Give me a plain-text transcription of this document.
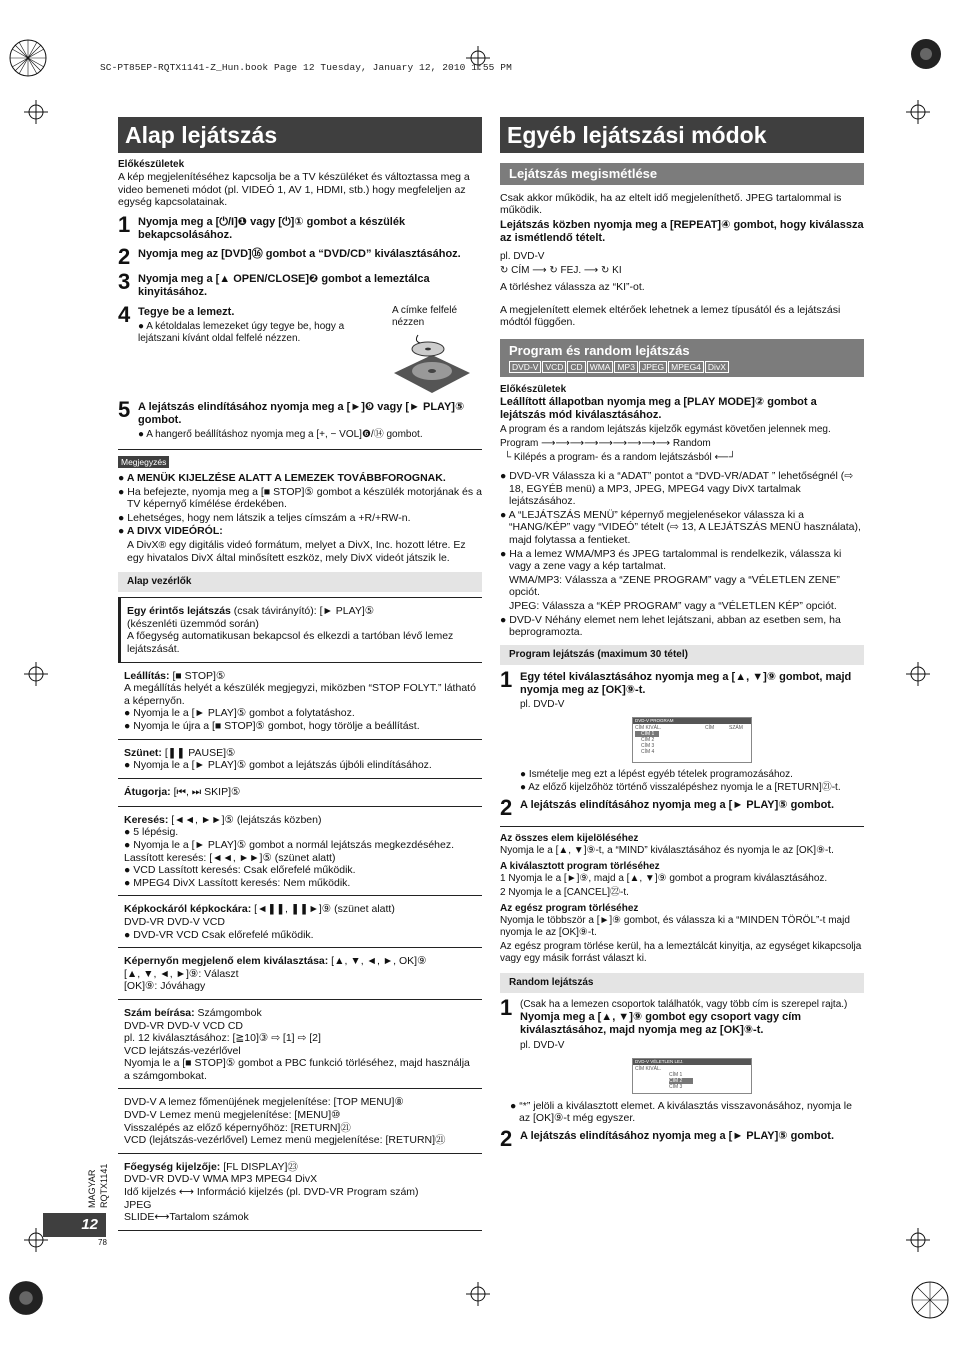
SC-PT85EP-RQTX1141-Z_Hun.book Page 12 Tuesday, January 12, 2010 1:55 PM
Alap lejátszás
Előkészületek
A kép megjelenítéséhez kapcsolja be a TV készüléket és változtassa meg a video bemeneti módot (pl. VIDEÓ 1, AV 1, HDMI, stb.) hogy megfeleljen az egység kapcsolatainak.
1 Nyomja meg a [⏻/I]❶ vagy [⏻]① gombot a készülék bekapcsolásához.
2 Nyomja meg az [DVD]⑯ gombot a “DVD/CD” kiválasztásához.
3 Nyomja meg a [▲ OPEN/CLOSE]❷ gombot a lemeztálca kinyitásához.
4 Tegye be a lemezt.
● A kétoldalas lemezeket úgy tegye be, hogy a lejátszani kívánt oldal felfelé nézzen.
A címke felfelé nézzen
5 A lejátszás elindításához nyomja meg a [►]❾ vagy [► PLAY]⑤ gombot.
● A hangerő beállításhoz nyomja meg a [+, − VOL]❻/⑭ gombot.
Megjegyzés
● A MENÜK KIJELZÉSE ALATT A LEMEZEK TOVÁBBFOROGNAK.
● Ha befejezte, nyomja meg a [■ STOP]⑤ gombot a készülék motorjának és a TV képernyő kímélése érdekében.
● Lehetséges, hogy nem látszik a teljes címszám a +R/+RW-n.
● A DIVX VIDEÓRÓL:
A DivX® egy digitális videó formátum, melyet a DivX, Inc. hozott létre. Ez egy hivatalos DivX által minősített eszköz, mely DivX videót játszik le.
Alap vezérlők
Egy érintős lejátszás (csak távirányító): [► PLAY]⑤
(készenléti üzemmód során)
A főegység automatikusan bekapcsol és elkezdi a tartóban lévő lemez lejátszását.
Leállítás: [■ STOP]⑤
A megállítás helyét a készülék megjegyzi, miközben “STOP FOLYT.” látható a képernyőn.
● Nyomja le a [► PLAY]⑤ gombot a folytatáshoz.
● Nyomja le újra a [■ STOP]⑤ gombot, hogy törölje a beállítást.
Szünet: [❚❚ PAUSE]⑤
● Nyomja le a [► PLAY]⑤ gombot a lejátszás újbóli elindításához.
Átugorja: [⏮, ⏭ SKIP]⑤
Keresés: [◄◄, ►►]⑤ (lejátszás közben)
● 5 lépésig.
● Nyomja le a [► PLAY]⑤ gombot a normál lejátszás megkezdéséhez.
Lassított keresés: [◄◄, ►►]⑤ (szünet alatt)
● VCD Lassított keresés: Csak előrefelé működik.
● MPEG4 DivX Lassított keresés: Nem működik.
Képkockáról képkockára: [◄❚❚, ❚❚►]⑨ (szünet alatt)
DVD-VR DVD-V VCD
● DVD-VR VCD Csak előrefelé működik.
Képernyőn megjelenő elem kiválasztása: [▲, ▼, ◄, ►, OK]⑨
[▲, ▼, ◄, ►]⑨: Választ
[OK]⑨: Jóváhagy
Szám beírása: Számgombok
DVD-VR DVD-V VCD CD
pl. 12 kiválasztásához: [≧10]③ ⇨ [1] ⇨ [2]
VCD lejátszás-vezérlővel
Nyomja le a [■ STOP]⑤ gombot a PBC funkció törléséhez, majd használja a számgombokat.
DVD-V A lemez főmenüjének megjelenítése: [TOP MENU]⑧
DVD-V Lemez menü megjelenítése: [MENU]⑩
Visszalépés az előző képernyőhöz: [RETURN]㉑
VCD (lejátszás-vezérlővel) Lemez menü megjelenítése: [RETURN]㉑
Főegység kijelzője: [FL DISPLAY]㉓
DVD-VR DVD-V WMA MP3 MPEG4 DivX
Idő kijelzés ⟷ Információ kijelzés (pl. DVD-VR Program szám)
JPEG
SLIDE⟷Tartalom számok
12
MAGYAR RQTX1141
78
Egyéb lejátszási módok
Lejátszás megismétlése
Csak akkor működik, ha az eltelt idő megjeleníthető. JPEG tartalommal is működik.
Lejátszás közben nyomja meg a [REPEAT]④ gombot, hogy kiválassza az ismétlendő tételt.
pl. DVD-V
↻ CÍM ⟶ ↻ FEJ. ⟶ ↻ KI
A törléshez válassza az “KI”-ot.
A megjelenített elemek eltérőek lehetnek a lemez típusától és a lejátszási módtól függően.
Program és random lejátszás
DVD-V VCD CD WMA MP3 JPEG MPEG4 DivX
Előkészületek
Leállított állapotban nyomja meg a [PLAY MODE]② gombot a lejátszás mód kiválasztásához.
A program és a random lejátszás kijelzők egymást követően jelennek meg.
Program ⟶⟶⟶⟶⟶⟶⟶⟶⟶ Random
└ Kilépés a program- és a random lejátszásból ⟵┘
● DVD-VR Válassza ki a “ADAT” pontot a “DVD-VR/ADAT ” lehetőségnél (⇨ 18, EGYÉB menü) a MP3, JPEG, MPEG4 vagy DivX tartalmak lejátszásához.
● A “LEJÁTSZÁS MENÜ” képernyő megjelenésekor válassza ki a “HANG/KÉP” vagy “VIDEÓ” tételt (⇨ 13, A LEJÁTSZÁS MENÜ használata), majd folytassa a fentieket.
● Ha a lemez WMA/MP3 és JPEG tartalommal is rendelkezik, válassza ki vagy a zene vagy a kép tartalmat.
WMA/MP3: Válassza a “ZENE PROGRAM” vagy a “VÉLETLEN ZENE” opciót.
JPEG: Válassza a “KÉP PROGRAM” vagy a “VÉLETLEN KÉP” opciót.
● DVD-V Néhány elemet nem lehet lejátszani, abban az esetben sem, ha beprogramozta.
Program lejátszás (maximum 30 tétel)
1 Egy tétel kiválasztásához nyomja meg a [▲, ▼]⑨ gombot, majd nyomja meg az [OK]⑨-t.
pl. DVD-V
DVD-V PROGRAM
CÍM KIVÁL.
CÍM 1
CÍM 2
CÍM 3
CÍM 4
CÍM	SZÁM
● Ismételje meg ezt a lépést egyéb tételek programozásához.
● Az előző kijelzőhöz történő visszalépéshez nyomja le a [RETURN]㉑-t.
2 A lejátszás elindításához nyomja meg a [► PLAY]⑤ gombot.
Az összes elem kijelöléséhez
Nyomja le a [▲, ▼]⑨-t, a “MIND” kiválasztásához és nyomja le az [OK]⑨-t.
A kiválasztott program törléséhez
1 Nyomja le a [►]⑨, majd a [▲, ▼]⑨ gombot a program kiválasztásához.
2 Nyomja le a [CANCEL]㉒-t.
Az egész program törléséhez
Nyomja le többször a [►]⑨ gombot, és válassza ki a “MINDEN TÖRÖL”-t majd nyomja le az [OK]⑨-t.
Az egész program törlése kerül, ha a lemeztálcát kinyitja, az egységet kikapcsolja vagy egy másik forrást választ ki.
Random lejátszás
1 (Csak ha a lemezen csoportok találhatók, vagy több cím is szerepel rajta.)
Nyomja meg a [▲, ▼]⑨ gombot egy csoport vagy cím kiválasztásához, majd nyomja meg az [OK]⑨-t.
pl. DVD-V
DVD-V VÉLETLEN LEJ.
CÍM KIVÁL.
CÍM 1
CÍM 2
CÍM 3
● “*” jelöli a kiválasztott elemet. A kiválasztás visszavonásához, nyomja le az [OK]⑨-t még egyszer.
2 A lejátszás elindításához nyomja meg a [► PLAY]⑤ gombot.
